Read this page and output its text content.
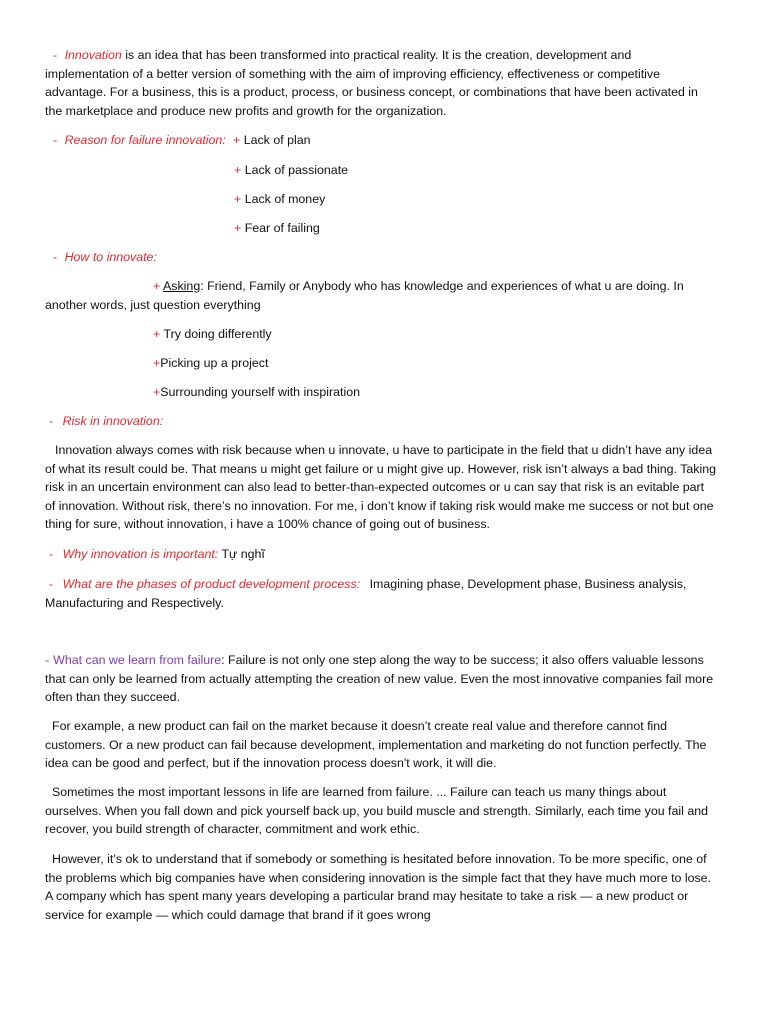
- Innovation is an idea that has been transformed into practical reality. It is the creation, development and implementation of a better version of something with the aim of improving efficiency, effectiveness or competitive advantage. For a business, this is a product, process, or business concept, or combinations that have been activated in the marketplace and produce new profits and growth for the organization.

- Reason for failure innovation: + Lack of plan
+ Lack of passionate
+ Lack of money
+ Fear of failing
- How to innovate:

+ Asking: Friend, Family or Anybody who has knowledge and experiences of what u are doing. In another words, just question everything

+ Try doing differently
+Picking up a project
+Surrounding yourself with inspiration
- Risk in innovation:

Innovation always comes with risk because when u innovate, u have to participate in the field that u didn’t have any idea of what its result could be. That means u might get failure or u might give up. However, risk isn’t always a bad thing. Taking risk in an uncertain environment can also lead to better-than-expected outcomes or u can say that risk is an evitable part of innovation. Without risk, there’s no innovation. For me, i don’t know if taking risk would make me success or not but one thing for sure, without innovation, i have a 100% chance of going out of business.

- Why innovation is important: Tự nghĩ

- What are the phases of product development process: Imagining phase, Development phase, Business analysis, Manufacturing and Respectively.

- What can we learn from failure: Failure is not only one step along the way to be success; it also offers valuable lessons that can only be learned from actually attempting the creation of new value. Even the most innovative companies fail more often than they succeed.

For example, a new product can fail on the market because it doesn’t create real value and therefore cannot find customers. Or a new product can fail because development, implementation and marketing do not function perfectly. The idea can be good and perfect, but if the innovation process doesn't work, it will die.

Sometimes the most important lessons in life are learned from failure. ... Failure can teach us many things about ourselves. When you fall down and pick yourself back up, you build muscle and strength. Similarly, each time you fail and recover, you build strength of character, commitment and work ethic.

However, it’s ok to understand that if somebody or something is hesitated before innovation. To be more specific, one of the problems which big companies have when considering innovation is the simple fact that they have much more to lose. A company which has spent many years developing a particular brand may hesitate to take a risk — a new product or service for example — which could damage that brand if it goes wrong
